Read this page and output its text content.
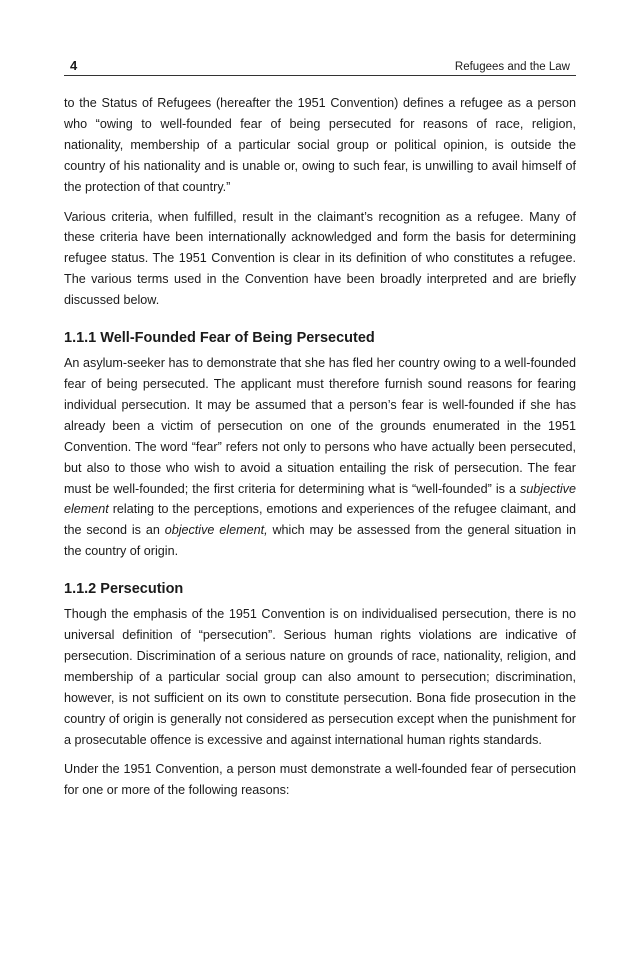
4	Refugees and the Law

to the Status of Refugees (hereafter the 1951 Convention) defines a refugee as a person who “owing to well-founded fear of being persecuted for reasons of race, religion, nationality, membership of a particular social group or political opinion, is outside the country of his nationality and is unable or, owing to such fear, is unwilling to avail himself of the protection of that country.”

Various criteria, when fulfilled, result in the claimant’s recognition as a refugee. Many of these criteria have been internationally acknowledged and form the basis for determining refugee status. The 1951 Convention is clear in its definition of who constitutes a refugee. The various terms used in the Convention have been broadly interpreted and are briefly discussed below.

1.1.1 Well-Founded Fear of Being Persecuted

An asylum-seeker has to demonstrate that she has fled her country owing to a well-founded fear of being persecuted. The applicant must therefore furnish sound reasons for fearing individual persecution. It may be assumed that a person’s fear is well-founded if she has already been a victim of persecution on one of the grounds enumerated in the 1951 Convention. The word “fear” refers not only to persons who have actually been persecuted, but also to those who wish to avoid a situation entailing the risk of persecution. The fear must be well-founded; the first criteria for determining what is “well-founded” is a subjective element relating to the perceptions, emotions and experiences of the refugee claimant, and the second is an objective element, which may be assessed from the general situation in the country of origin.

1.1.2 Persecution

Though the emphasis of the 1951 Convention is on individualised persecution, there is no universal definition of “persecution”. Serious human rights violations are indicative of persecution. Discrimination of a serious nature on grounds of race, nationality, religion, and membership of a particular social group can also amount to persecution; discrimination, however, is not sufficient on its own to constitute persecution. Bona fide prosecution in the country of origin is generally not considered as persecution except when the punishment for a prosecutable offence is excessive and against international human rights standards.

Under the 1951 Convention, a person must demonstrate a well-founded fear of persecution for one or more of the following reasons:
